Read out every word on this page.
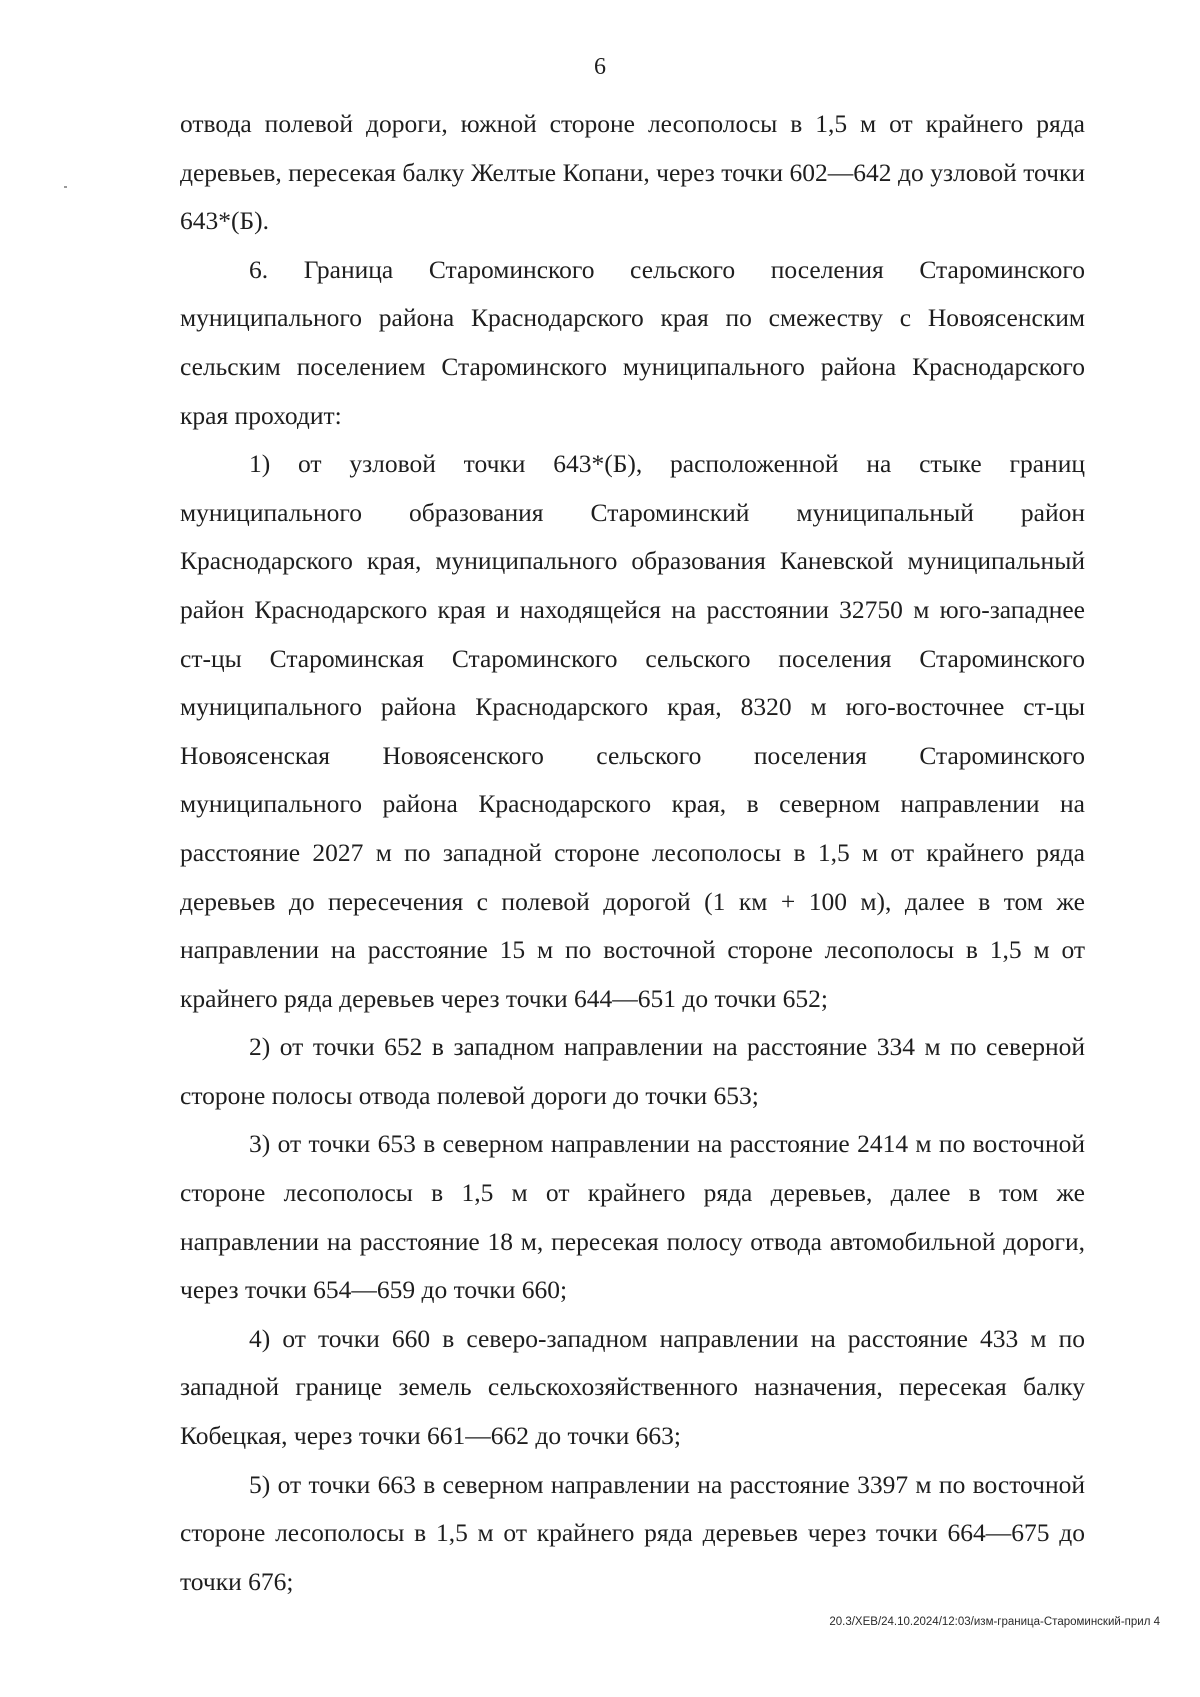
6

отвода полевой дороги, южной стороне лесополосы в 1,5 м от крайнего ряда деревьев, пересекая балку Желтые Копани, через точки 602—642 до узловой точки 643*(Б).

6. Граница Староминского сельского поселения Староминского муниципального района Краснодарского края по смежеству с Новоясенским сельским поселением Староминского муниципального района Краснодарского края проходит:

1) от узловой точки 643*(Б), расположенной на стыке границ муниципального образования Староминский муниципальный район Краснодарского края, муниципального образования Каневской муниципальный район Краснодарского края и находящейся на расстоянии 32750 м юго-западнее ст-цы Староминская Староминского сельского поселения Староминского муниципального района Краснодарского края, 8320 м юго-восточнее ст-цы Новоясенская Новоясенского сельского поселения Староминского муниципального района Краснодарского края, в северном направлении на расстояние 2027 м по западной стороне лесополосы в 1,5 м от крайнего ряда деревьев до пересечения с полевой дорогой (1 км + 100 м), далее в том же направлении на расстояние 15 м по восточной стороне лесополосы в 1,5 м от крайнего ряда деревьев через точки 644—651 до точки 652;

2) от точки 652 в западном направлении на расстояние 334 м по северной стороне полосы отвода полевой дороги до точки 653;

3) от точки 653 в северном направлении на расстояние 2414 м по восточной стороне лесополосы в 1,5 м от крайнего ряда деревьев, далее в том же направлении на расстояние 18 м, пересекая полосу отвода автомобильной дороги, через точки 654—659 до точки 660;

4) от точки 660 в северо-западном направлении на расстояние 433 м по западной границе земель сельскохозяйственного назначения, пересекая балку Кобецкая, через точки 661—662 до точки 663;

5) от точки 663 в северном направлении на расстояние 3397 м по восточной стороне лесополосы в 1,5 м от крайнего ряда деревьев через точки 664—675 до точки 676;

20.3/ХЕВ/24.10.2024/12:03/изм-граница-Староминский-прил 4
